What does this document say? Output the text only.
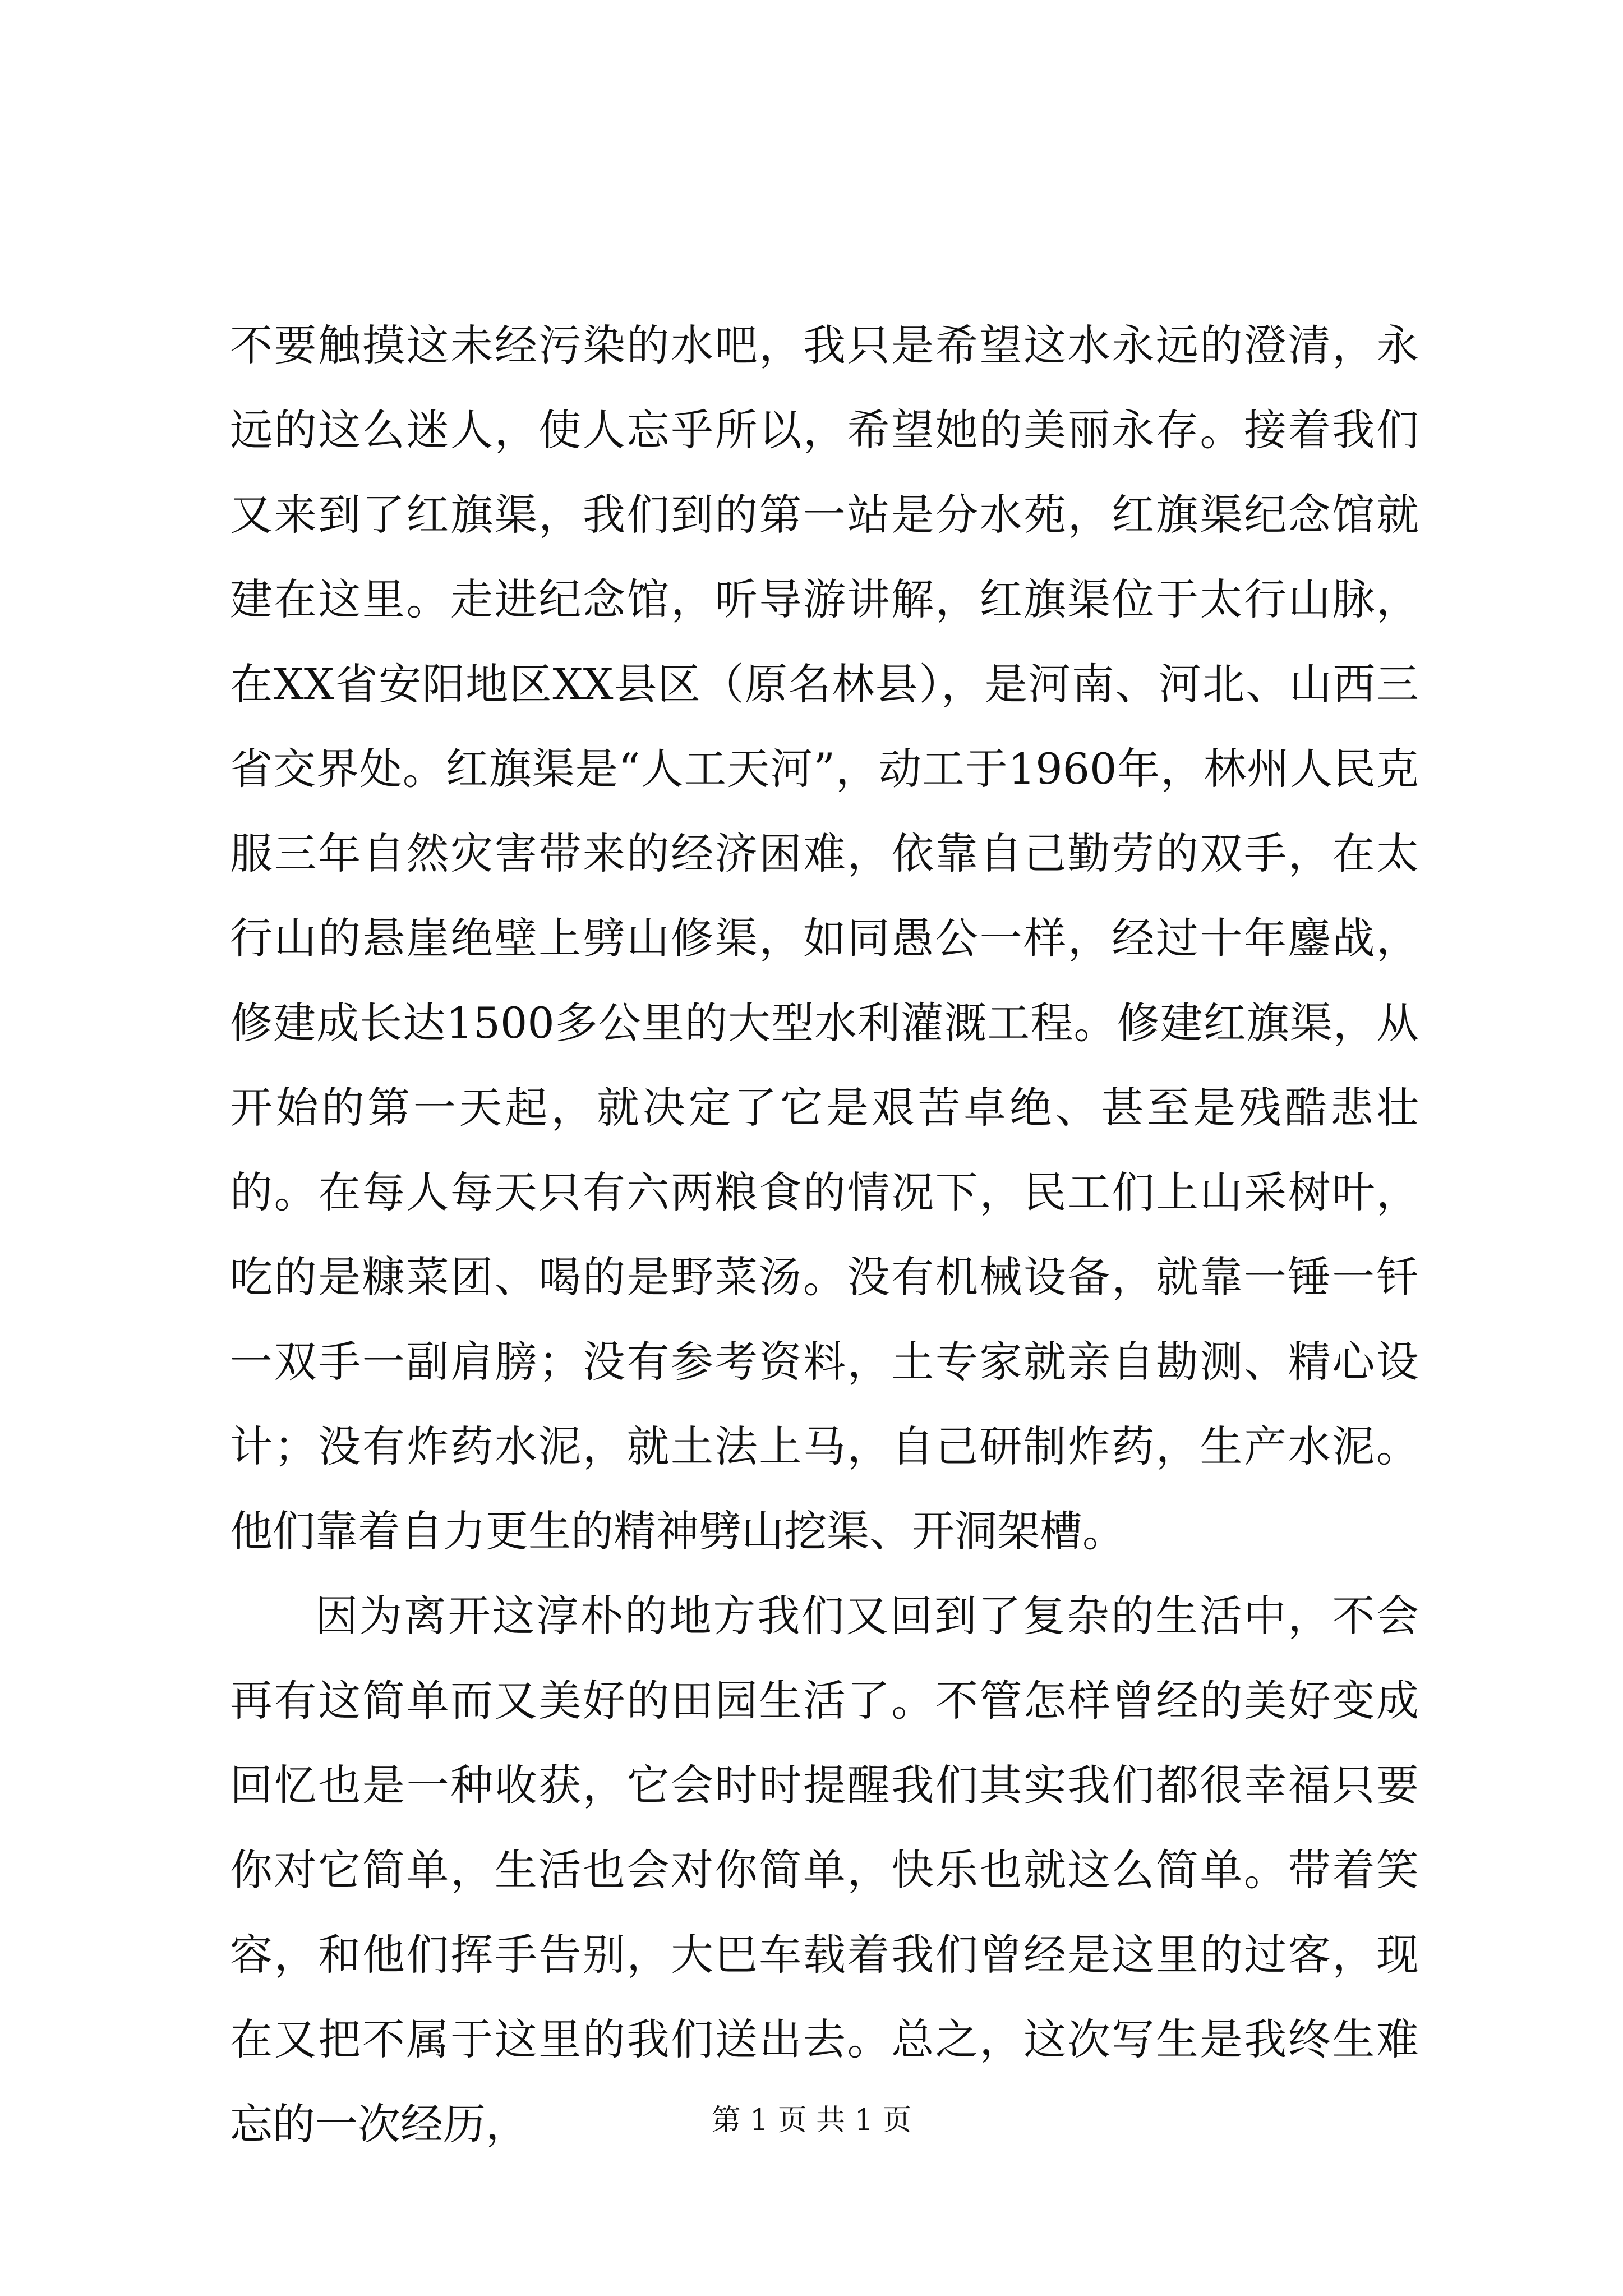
不要触摸这未经污染的水吧，我只是希望这水永远的澄清，永远的这么迷人，使人忘乎所以，希望她的美丽永存。接着我们又来到了红旗渠，我们到的第一站是分水苑，红旗渠纪念馆就建在这里。走进纪念馆，听导游讲解，红旗渠位于太行山脉，在XX省安阳地区XX县区（原名林县），是河南、河北、山西三省交界处。红旗渠是“人工天河”，动工于1960年，林州人民克服三年自然灾害带来的经济困难，依靠自己勤劳的双手，在太行山的悬崖绝壁上劈山修渠，如同愚公一样，经过十年鏖战，修建成长达1500多公里的大型水利灌溉工程。修建红旗渠，从开始的第一天起，就决定了它是艰苦卓绝、甚至是残酷悲壮的。在每人每天只有六两粮食的情况下，民工们上山采树叶，吃的是糠菜团、喝的是野菜汤。没有机械设备，就靠一锤一钎一双手一副肩膀；没有参考资料，土专家就亲自勘测、精心设计；没有炸药水泥，就土法上马，自己研制炸药，生产水泥。他们靠着自力更生的精神劈山挖渠、开洞架槽。

因为离开这淳朴的地方我们又回到了复杂的生活中，不会再有这简单而又美好的田园生活了。不管怎样曾经的美好变成回忆也是一种收获，它会时时提醒我们其实我们都很幸福只要你对它简单，生活也会对你简单，快乐也就这么简单。带着笑容，和他们挥手告别，大巴车载着我们曾经是这里的过客，现在又把不属于这里的我们送出去。总之，这次写生是我终生难忘的一次经历，	第 1 页 共 1 页
